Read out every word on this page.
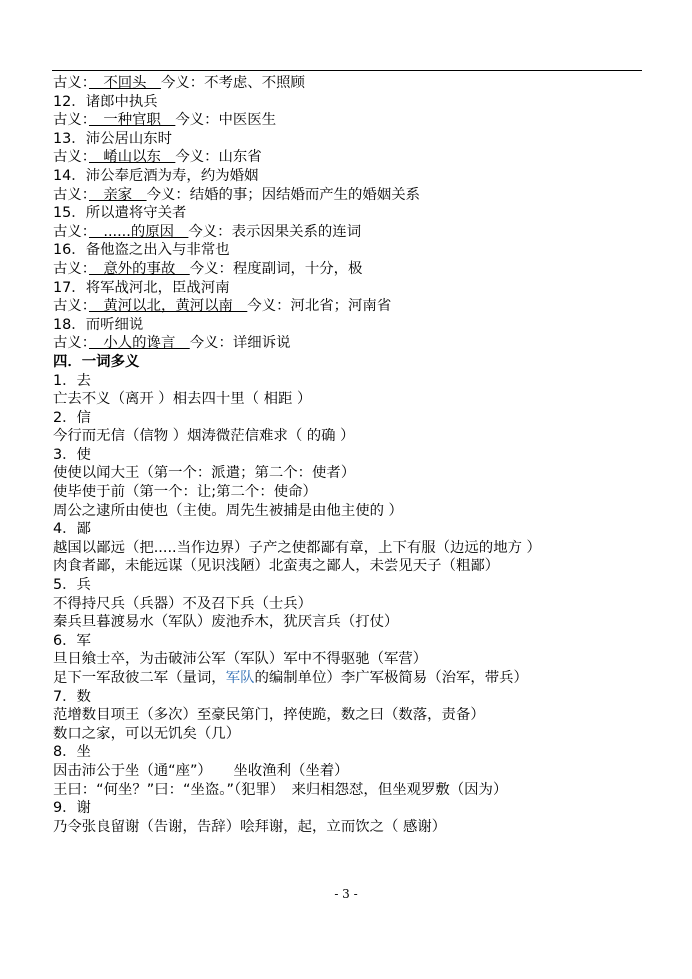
古义：　不回头　今义：不考虑、不照顾
12．诸郎中执兵
古义：　一种官职　今义：中医医生
13．沛公居山东时
古义：　崤山以东　今义：山东省
14．沛公奉卮酒为寿，约为婚姻
古义：　亲家　今义：结婚的事；因结婚而产生的婚姻关系
15．所以遣将守关者
古义：　......的原因　今义：表示因果关系的连词
16．备他盗之出入与非常也
古义：　意外的事故　今义：程度副词，十分，极
17．将军战河北，臣战河南
古义：　黄河以北，黄河以南　今义：河北省；河南省
18．而听细说
古义：　小人的谗言　今义：详细诉说
四．一词多义
1．去
亡去不义（离开 ）相去四十里（ 相距 ）
2．信
今行而无信（信物 ）烟涛微茫信难求（ 的确 ）
3．使
使使以闻大王（第一个：派遣；第二个：使者）
使毕使于前（第一个：让;第二个：使命）
周公之逮所由使也（主使。周先生被捕是由他主使的 ）
4．鄙
越国以鄙远（把.....当作边界）子产之使都鄙有章，上下有服（边远的地方 ）
肉食者鄙，未能远谋（见识浅陋）北蛮夷之鄙人，未尝见天子（粗鄙）
5．兵
不得持尺兵（兵器）不及召下兵（士兵）
秦兵旦暮渡易水（军队）废池乔木，犹厌言兵（打仗）
6．军
旦日飨士卒，为击破沛公军（军队）军中不得驱驰（军营）
足下一军敌彼二军（量词，军队的编制单位）李广军极简易（治军，带兵）
7．数
范增数目项王（多次）至豪民第门，捽使跪，数之曰（数落，责备）
数口之家，可以无饥矣（几）
8．坐
因击沛公于坐（通“座”）　　坐收渔利（坐着）
王曰：“何坐？”曰：“坐盗。”（犯罪）　来归相怨怼，但坐观罗敷（因为）
9．谢
乃令张良留谢（告谢，告辞）哙拜谢，起，立而饮之（ 感谢）
- 3 -
